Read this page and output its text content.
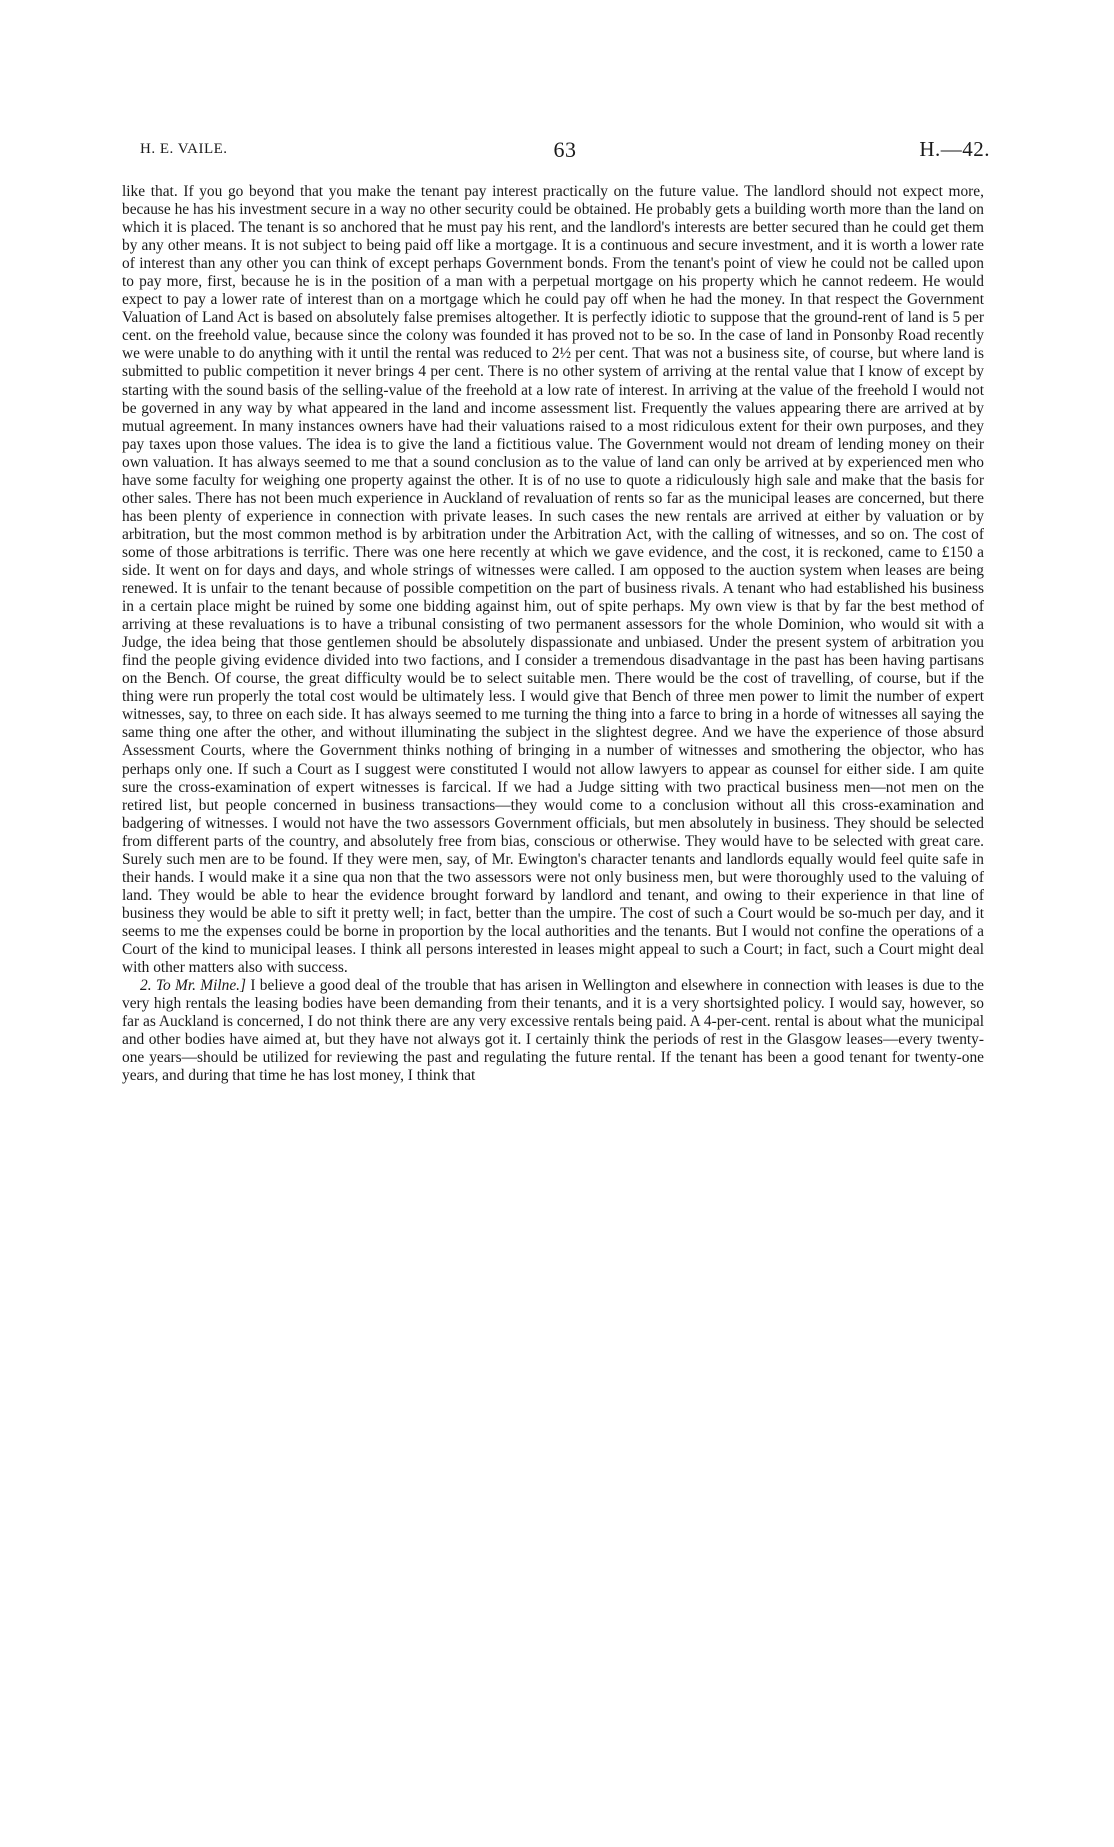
H. E. VAILE.	63	H.—42.

like that. If you go beyond that you make the tenant pay interest practically on the future value. The landlord should not expect more, because he has his investment secure in a way no other security could be obtained. He probably gets a building worth more than the land on which it is placed. The tenant is so anchored that he must pay his rent, and the landlord's interests are better secured than he could get them by any other means. It is not subject to being paid off like a mortgage. It is a continuous and secure investment, and it is worth a lower rate of interest than any other you can think of except perhaps Government bonds. From the tenant's point of view he could not be called upon to pay more, first, because he is in the position of a man with a perpetual mortgage on his property which he cannot redeem. He would expect to pay a lower rate of interest than on a mortgage which he could pay off when he had the money. In that respect the Government Valuation of Land Act is based on absolutely false premises altogether. It is perfectly idiotic to suppose that the ground-rent of land is 5 per cent. on the freehold value, because since the colony was founded it has proved not to be so. In the case of land in Ponsonby Road recently we were unable to do anything with it until the rental was reduced to 2½ per cent. That was not a business site, of course, but where land is submitted to public competition it never brings 4 per cent. There is no other system of arriving at the rental value that I know of except by starting with the sound basis of the selling-value of the freehold at a low rate of interest. In arriving at the value of the freehold I would not be governed in any way by what appeared in the land and income assessment list. Frequently the values appearing there are arrived at by mutual agreement. In many instances owners have had their valuations raised to a most ridiculous extent for their own purposes, and they pay taxes upon those values. The idea is to give the land a fictitious value. The Government would not dream of lending money on their own valuation. It has always seemed to me that a sound conclusion as to the value of land can only be arrived at by experienced men who have some faculty for weighing one property against the other. It is of no use to quote a ridiculously high sale and make that the basis for other sales. There has not been much experience in Auckland of revaluation of rents so far as the municipal leases are concerned, but there has been plenty of experience in connection with private leases. In such cases the new rentals are arrived at either by valuation or by arbitration, but the most common method is by arbitration under the Arbitration Act, with the calling of witnesses, and so on. The cost of some of those arbitrations is terrific. There was one here recently at which we gave evidence, and the cost, it is reckoned, came to £150 a side. It went on for days and days, and whole strings of witnesses were called. I am opposed to the auction system when leases are being renewed. It is unfair to the tenant because of possible competition on the part of business rivals. A tenant who had established his business in a certain place might be ruined by some one bidding against him, out of spite perhaps. My own view is that by far the best method of arriving at these revaluations is to have a tribunal consisting of two permanent assessors for the whole Dominion, who would sit with a Judge, the idea being that those gentlemen should be absolutely dispassionate and unbiased. Under the present system of arbitration you find the people giving evidence divided into two factions, and I consider a tremendous disadvantage in the past has been having partisans on the Bench. Of course, the great difficulty would be to select suitable men. There would be the cost of travelling, of course, but if the thing were run properly the total cost would be ultimately less. I would give that Bench of three men power to limit the number of expert witnesses, say, to three on each side. It has always seemed to me turning the thing into a farce to bring in a horde of witnesses all saying the same thing one after the other, and without illuminating the subject in the slightest degree. And we have the experience of those absurd Assessment Courts, where the Government thinks nothing of bringing in a number of witnesses and smothering the objector, who has perhaps only one. If such a Court as I suggest were constituted I would not allow lawyers to appear as counsel for either side. I am quite sure the cross-examination of expert witnesses is farcical. If we had a Judge sitting with two practical business men—not men on the retired list, but people concerned in business transactions—they would come to a conclusion without all this cross-examination and badgering of witnesses. I would not have the two assessors Government officials, but men absolutely in business. They should be selected from different parts of the country, and absolutely free from bias, conscious or otherwise. They would have to be selected with great care. Surely such men are to be found. If they were men, say, of Mr. Ewington's character tenants and landlords equally would feel quite safe in their hands. I would make it a sine qua non that the two assessors were not only business men, but were thoroughly used to the valuing of land. They would be able to hear the evidence brought forward by landlord and tenant, and owing to their experience in that line of business they would be able to sift it pretty well; in fact, better than the umpire. The cost of such a Court would be so-much per day, and it seems to me the expenses could be borne in proportion by the local authorities and the tenants. But I would not confine the operations of a Court of the kind to municipal leases. I think all persons interested in leases might appeal to such a Court; in fact, such a Court might deal with other matters also with success.

2. To Mr. Milne.] I believe a good deal of the trouble that has arisen in Wellington and elsewhere in connection with leases is due to the very high rentals the leasing bodies have been demanding from their tenants, and it is a very shortsighted policy. I would say, however, so far as Auckland is concerned, I do not think there are any very excessive rentals being paid. A 4-per-cent. rental is about what the municipal and other bodies have aimed at, but they have not always got it. I certainly think the periods of rest in the Glasgow leases—every twenty-one years—should be utilized for reviewing the past and regulating the future rental. If the tenant has been a good tenant for twenty-one years, and during that time he has lost money, I think that
